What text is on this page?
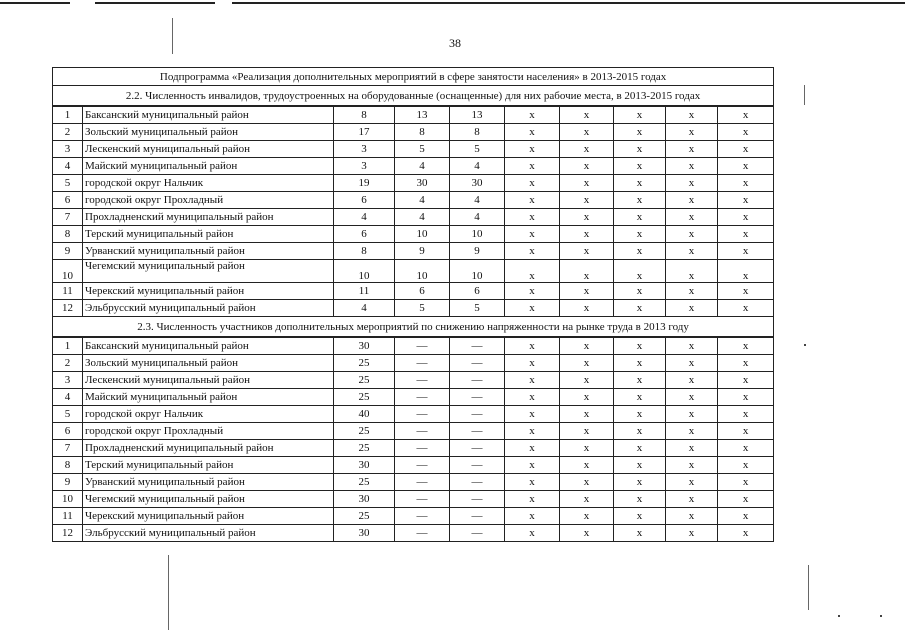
38
Подпрограмма «Реализация дополнительных мероприятий в сфере занятости населения» в 2013-2015 годах									
2.2. Численность инвалидов, трудоустроенных на оборудованные (оснащенные) для них рабочие места, в 2013-2015 годах									
1	Баксанский муниципальный район	8	13	13	x	x	x	x	x
2	Зольский муниципальный район	17	8	8	x	x	x	x	x
3	Лескенский муниципальный район	3	5	5	x	x	x	x	x
4	Майский муниципальный район	3	4	4	x	x	x	x	x
5	городской округ Нальчик	19	30	30	x	x	x	x	x
6	городской округ Прохладный	6	4	4	x	x	x	x	x
7	Прохладненский муниципальный район	4	4	4	x	x	x	x	x
8	Терский муниципальный район	6	10	10	x	x	x	x	x
9	Урванский муниципальный район	8	9	9	x	x	x	x	x
10	Чегемский муниципальный район	10	10	10	x	x	x	x	x
11	Черекский муниципальный район	11	6	6	x	x	x	x	x
12	Эльбрусский муниципальный район	4	5	5	x	x	x	x	x
2.3. Численность участников дополнительных мероприятий по снижению напряженности на рынке труда в 2013 году									
1	Баксанский муниципальный район	30	—	—	x	x	x	x	x
2	Зольский муниципальный район	25	—	—	x	x	x	x	x
3	Лескенский муниципальный район	25	—	—	x	x	x	x	x
4	Майский муниципальный район	25	—	—	x	x	x	x	x
5	городской округ Нальчик	40	—	—	x	x	x	x	x
6	городской округ Прохладный	25	—	—	x	x	x	x	x
7	Прохладненский муниципальный район	25	—	—	x	x	x	x	x
8	Терский муниципальный район	30	—	—	x	x	x	x	x
9	Урванский муниципальный район	25	—	—	x	x	x	x	x
10	Чегемский муниципальный район	30	—	—	x	x	x	x	x
11	Черекский муниципальный район	25	—	—	x	x	x	x	x
12	Эльбрусский муниципальный район	30	—	—	x	x	x	x	x
